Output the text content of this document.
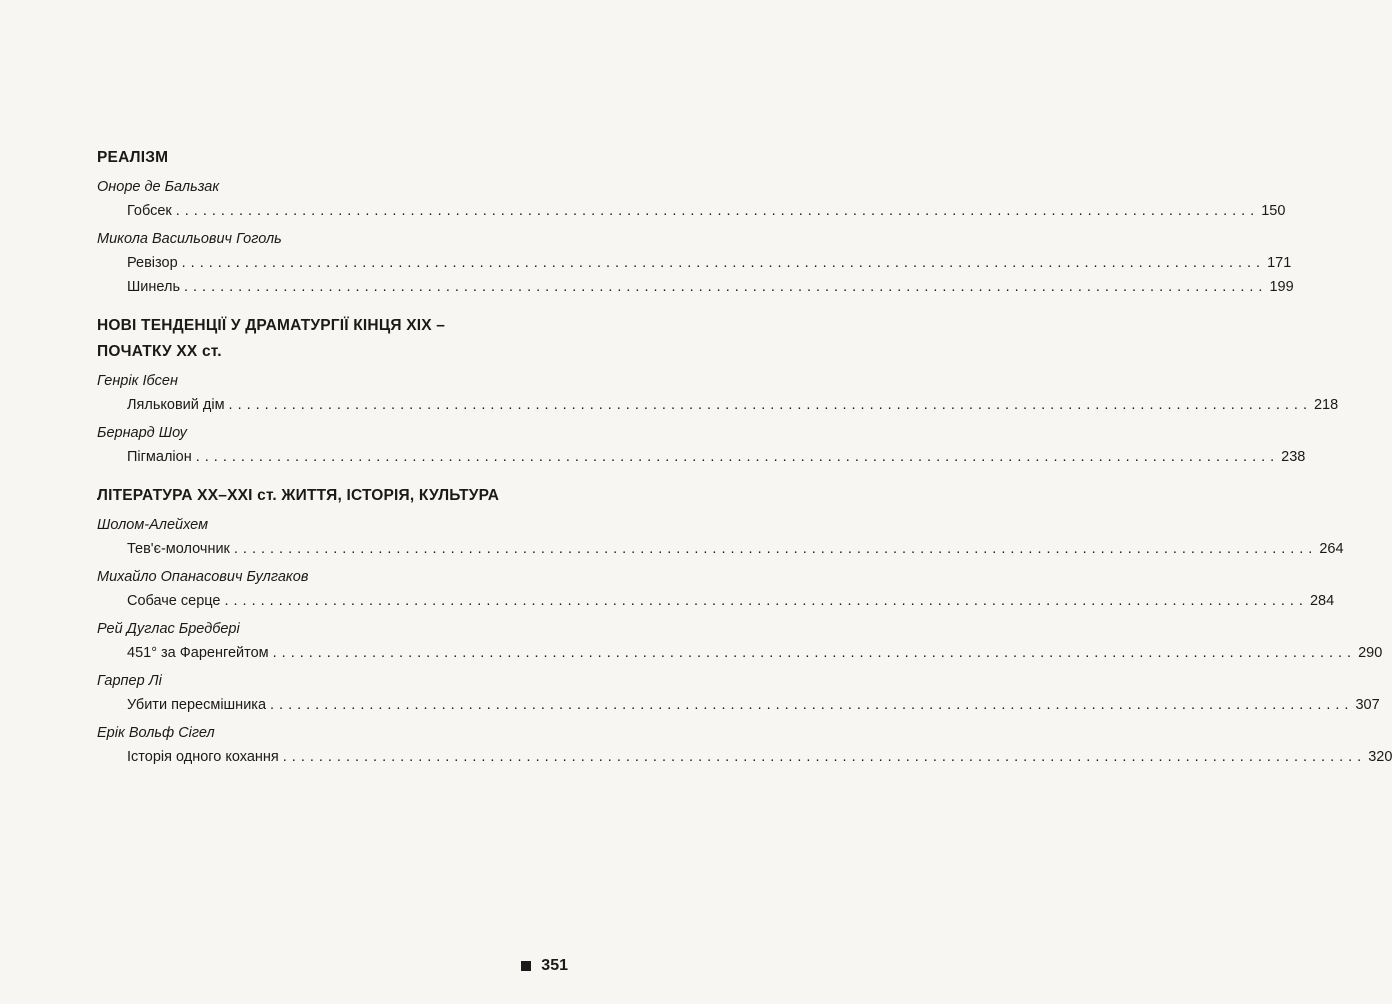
РЕАЛІЗМ
Оноре де Бальзак
Гобсек ........................................................................................................................ 150
Микола Васильович Гоголь
Ревізор ........................................................................................................................ 171
Шинель ........................................................................................................................ 199
НОВІ ТЕНДЕНЦІЇ У ДРАМАТУРГІЇ КІНЦЯ ХІХ –
ПОЧАТКУ ХХ ст.
Генрік Ібсен
Ляльковий дім ........................................................................................................................ 218
Бернард Шоу
Пігмаліон ........................................................................................................................ 238
ЛІТЕРАТУРА ХХ–ХХІ ст. ЖИТТЯ, ІСТОРІЯ, КУЛЬТУРА
Шолом-Алейхем
Тев'є-молочник ........................................................................................................................ 264
Михайло Опанасович Булгаков
Собаче серце ........................................................................................................................ 284
Рей Дуглас Бредбері
451° за Фаренгейтом ........................................................................................................................ 290
Гарпер Лі
Убити пересмішника ........................................................................................................................ 307
Ерік Вольф Сігел
Історія одного кохання ........................................................................................................................ 320
351
